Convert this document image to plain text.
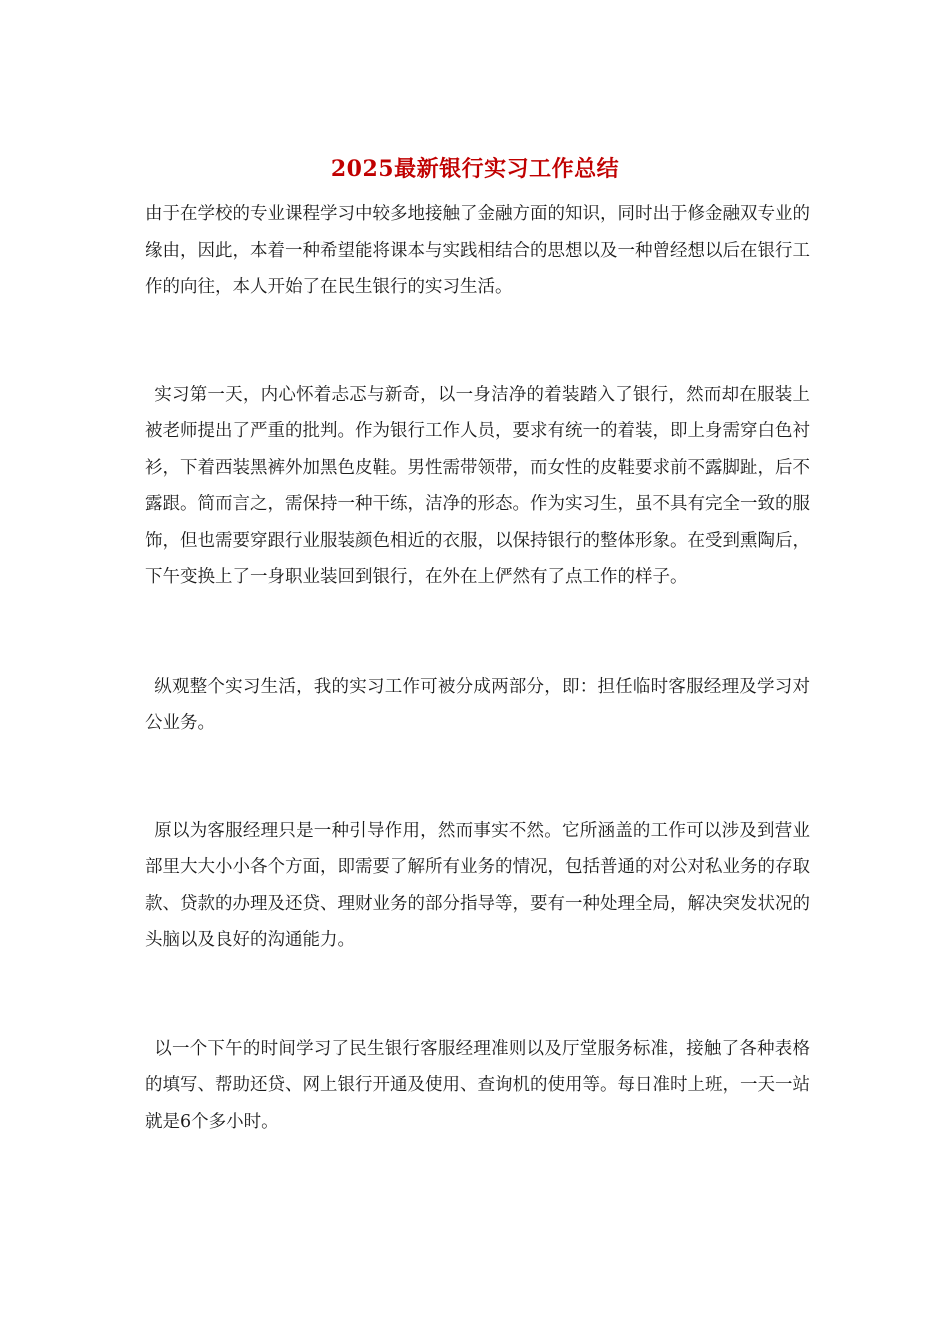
2025最新银行实习工作总结

由于在学校的专业课程学习中较多地接触了金融方面的知识，同时出于修金融双专业的缘由，因此，本着一种希望能将课本与实践相结合的思想以及一种曾经想以后在银行工作的向往，本人开始了在民生银行的实习生活。

实习第一天，内心怀着忐忑与新奇，以一身洁净的着装踏入了银行，然而却在服装上被老师提出了严重的批判。作为银行工作人员，要求有统一的着装，即上身需穿白色衬衫，下着西装黑裤外加黑色皮鞋。男性需带领带，而女性的皮鞋要求前不露脚趾，后不露跟。简而言之，需保持一种干练，洁净的形态。作为实习生，虽不具有完全一致的服饰，但也需要穿跟行业服装颜色相近的衣服，以保持银行的整体形象。在受到熏陶后，下午变换上了一身职业装回到银行，在外在上俨然有了点工作的样子。

纵观整个实习生活，我的实习工作可被分成两部分，即：担任临时客服经理及学习对公业务。

原以为客服经理只是一种引导作用，然而事实不然。它所涵盖的工作可以涉及到营业部里大大小小各个方面，即需要了解所有业务的情况，包括普通的对公对私业务的存取款、贷款的办理及还贷、理财业务的部分指导等，要有一种处理全局，解决突发状况的头脑以及良好的沟通能力。

以一个下午的时间学习了民生银行客服经理准则以及厅堂服务标准，接触了各种表格的填写、帮助还贷、网上银行开通及使用、查询机的使用等。每日准时上班，一天一站就是6个多小时。
